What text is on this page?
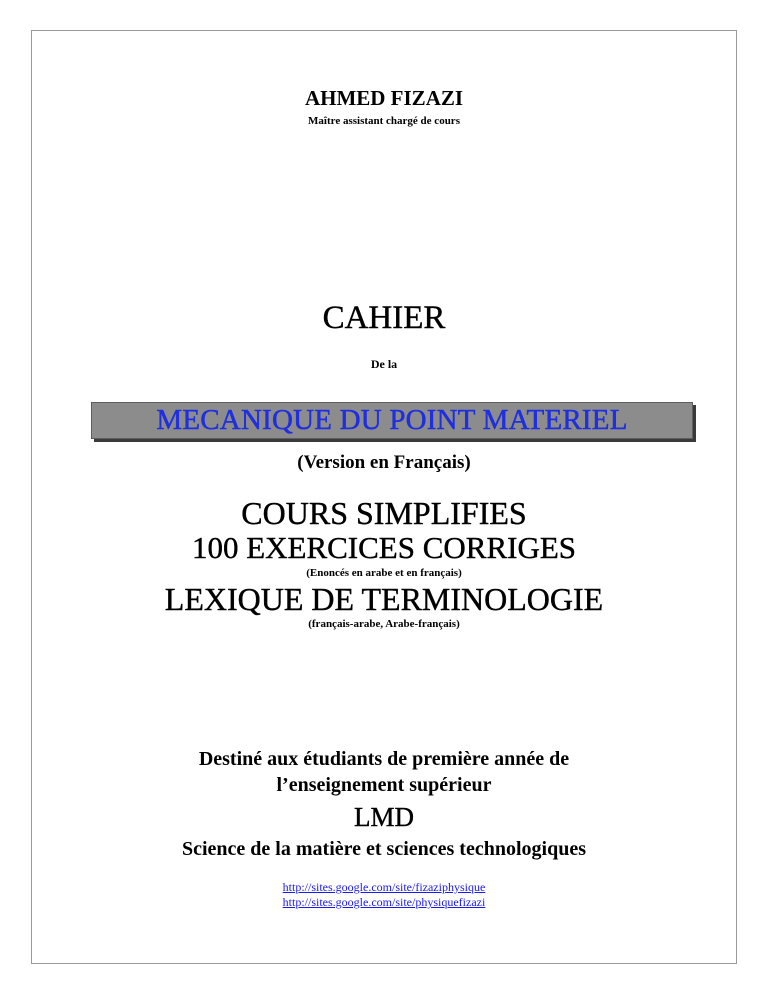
AHMED FIZAZI
Maître assistant chargé de cours
CAHIER
De la
MECANIQUE DU POINT MATERIEL
(Version en Français)
COURS SIMPLIFIES
100 EXERCICES CORRIGES
(Enoncés en arabe et en français)
LEXIQUE DE TERMINOLOGIE
(français-arabe, Arabe-français)
Destiné aux étudiants de première année de
l’enseignement supérieur
LMD
Science de la matière et sciences technologiques
http://sites.google.com/site/fizaziphysique
http://sites.google.com/site/physiquefizazi
